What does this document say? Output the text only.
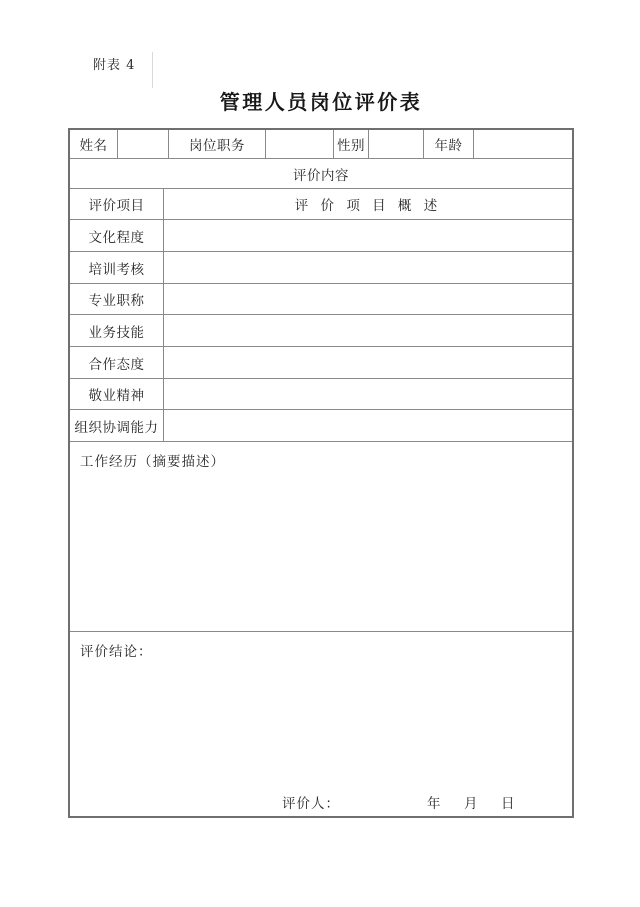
附表 4
管理人员岗位评价表
姓名	岗位职务	性别	年龄
评价内容
评价项目	评 价 项 目 概 述
文化程度
培训考核
专业职称
业务技能
合作态度
敬业精神
组织协调能力
工作经历（摘要描述）
评价结论：
评价人：	年 月 日
